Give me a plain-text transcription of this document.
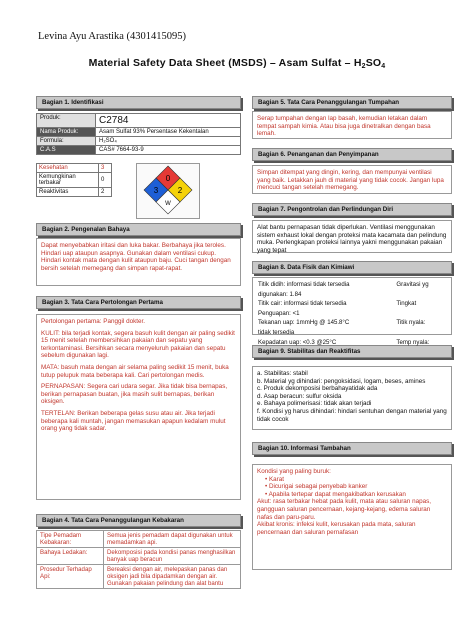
Levina Ayu Arastika (4301415095)
Material Safety Data Sheet (MSDS) – Asam Sulfat – $H_2SO_4$
Bagian 1. Identifikasi
Produk:	C2784
Nama Produk:	Asam Sulfat 93% Persentase Kekentalan
Formula:	H₂SO₄
C.A.S	CAS# 7664-93-9
Kesehatan	3
Kemungkinan terbakar	0
Reaktivitas	2
0
3 2
W
Bagian 2. Pengenalan Bahaya
Dapat menyebabkan iritasi dan luka bakar. Berbahaya jika teroles. Hindari uap ataupun asapnya. Gunakan dalam ventilasi cukup. Hindari kontak mata dengan kulit ataupun baju. Cuci tangan dengan bersih setelah memegang dan simpan rapat-rapat.
Bagian 3. Tata Cara Pertolongan Pertama

Pertolongan pertama: Panggil dokter.

KULIT: bila terjadi kontak, segera basuh kulit dengan air paling sedikit 15 menit setelah membersihkan pakaian dan sepatu yang terkontaminasi. Bersihkan secara menyeluruh pakaian dan sepatu sebelum digunakan lagi.

MATA: basuh mata dengan air selama paling sedikit 15 menit, buka tutup pelupuk mata beberapa kali. Cari pertolongan medis.

PERNAPASAN: Segera cari udara segar. Jika tidak bisa bernapas, berikan pernapasan buatan, jika masih sulit bernapas, berikan oksigen.

TERTELAN: Berikan beberapa gelas susu atau air. Jika terjadi beberapa kali muntah, jangan memasukan apapun kedalam mulut orang yang tidak sadar.

Bagian 4. Tata Cara Penanggulangan Kebakaran
Tipe Pemadam Kebakaran:	Semua jenis pemadam dapat digunakan untuk memadamkan api.
Bahaya Ledakan:	Dekomposisi pada kondisi panas menghasilkan banyak uap beracun
Prosedur Terhadap Api:	Bereaksi dengan air, melepaskan panas dan oksigen jadi bila dipadamkan dengan air. Gunakan pakaian pelindung dan alat bantu
Bagian 5. Tata Cara Penanggulangan Tumpahan
Serap tumpahan dengan lap basah, kemudian letakan dalam tempat sampah kimia. Atau bisa juga dinetralkan dengan basa lemah.
Bagian 6. Penanganan dan Penyimpanan
Simpan ditempat yang dingin, kering, dan mempunyai ventilasi yang baik. Letakkan jauh di material yang tidak cocok. Jangan lupa mencuci tangan setelah memegang.
Bagian 7. Pengontrolan dan Perlindungan Diri
Alat bantu pernapasan tidak diperlukan. Ventilasi menggunakan sistem exhaust lokal dengan proteksi mata kacamata dan pelindung muka. Perlengkapan proteksi lainnya yakni menggunakan pakaian yang tepat
Bagian 8. Data Fisik dan Kimiawi
Titik didih: informasi tidak tersedia	Gravitasi yg
digunakan: 1.84	
Titik cair: informasi tidak tersedia	Tingkat
Penguapan: <1	
Tekanan uap: 1mmHg @ 145.8°C	Titik nyala:
tidak tersedia	
Kepadatan uap: <0.3 @25°C	Temp nyala:
Bagian 9. Stabilitas dan Reaktifitas
a. Stabilitas: stabil
b. Material yg dihindari: pengoksidasi, logam, beses, amines
c. Produk dekomposisi berbahayatidak ada
d. Asap beracun: sulfur oksida
e. Bahaya polimerisasi: tidak akan terjadi
f. Kondisi yg harus dihindari: hindari sentuhan dengan material yang tidak cocok
Bagian 10. Informasi Tambahan
Kondisi yang paling buruk:
• Karat
• Dicurigai sebagai penyebab kanker
• Apabila tertepar dapat mengakibatkan kerusakan
Akut: rasa terbakar hebat pada kulit, mata atau saluran napas, gangguan saluran pencernaan, kejang-kejang, edema saluran nafas dan paru-paru.
Akibat kronis: infeksi kulit, kerusakan pada mata, saluran pencernaan dan saluran pernafasan
